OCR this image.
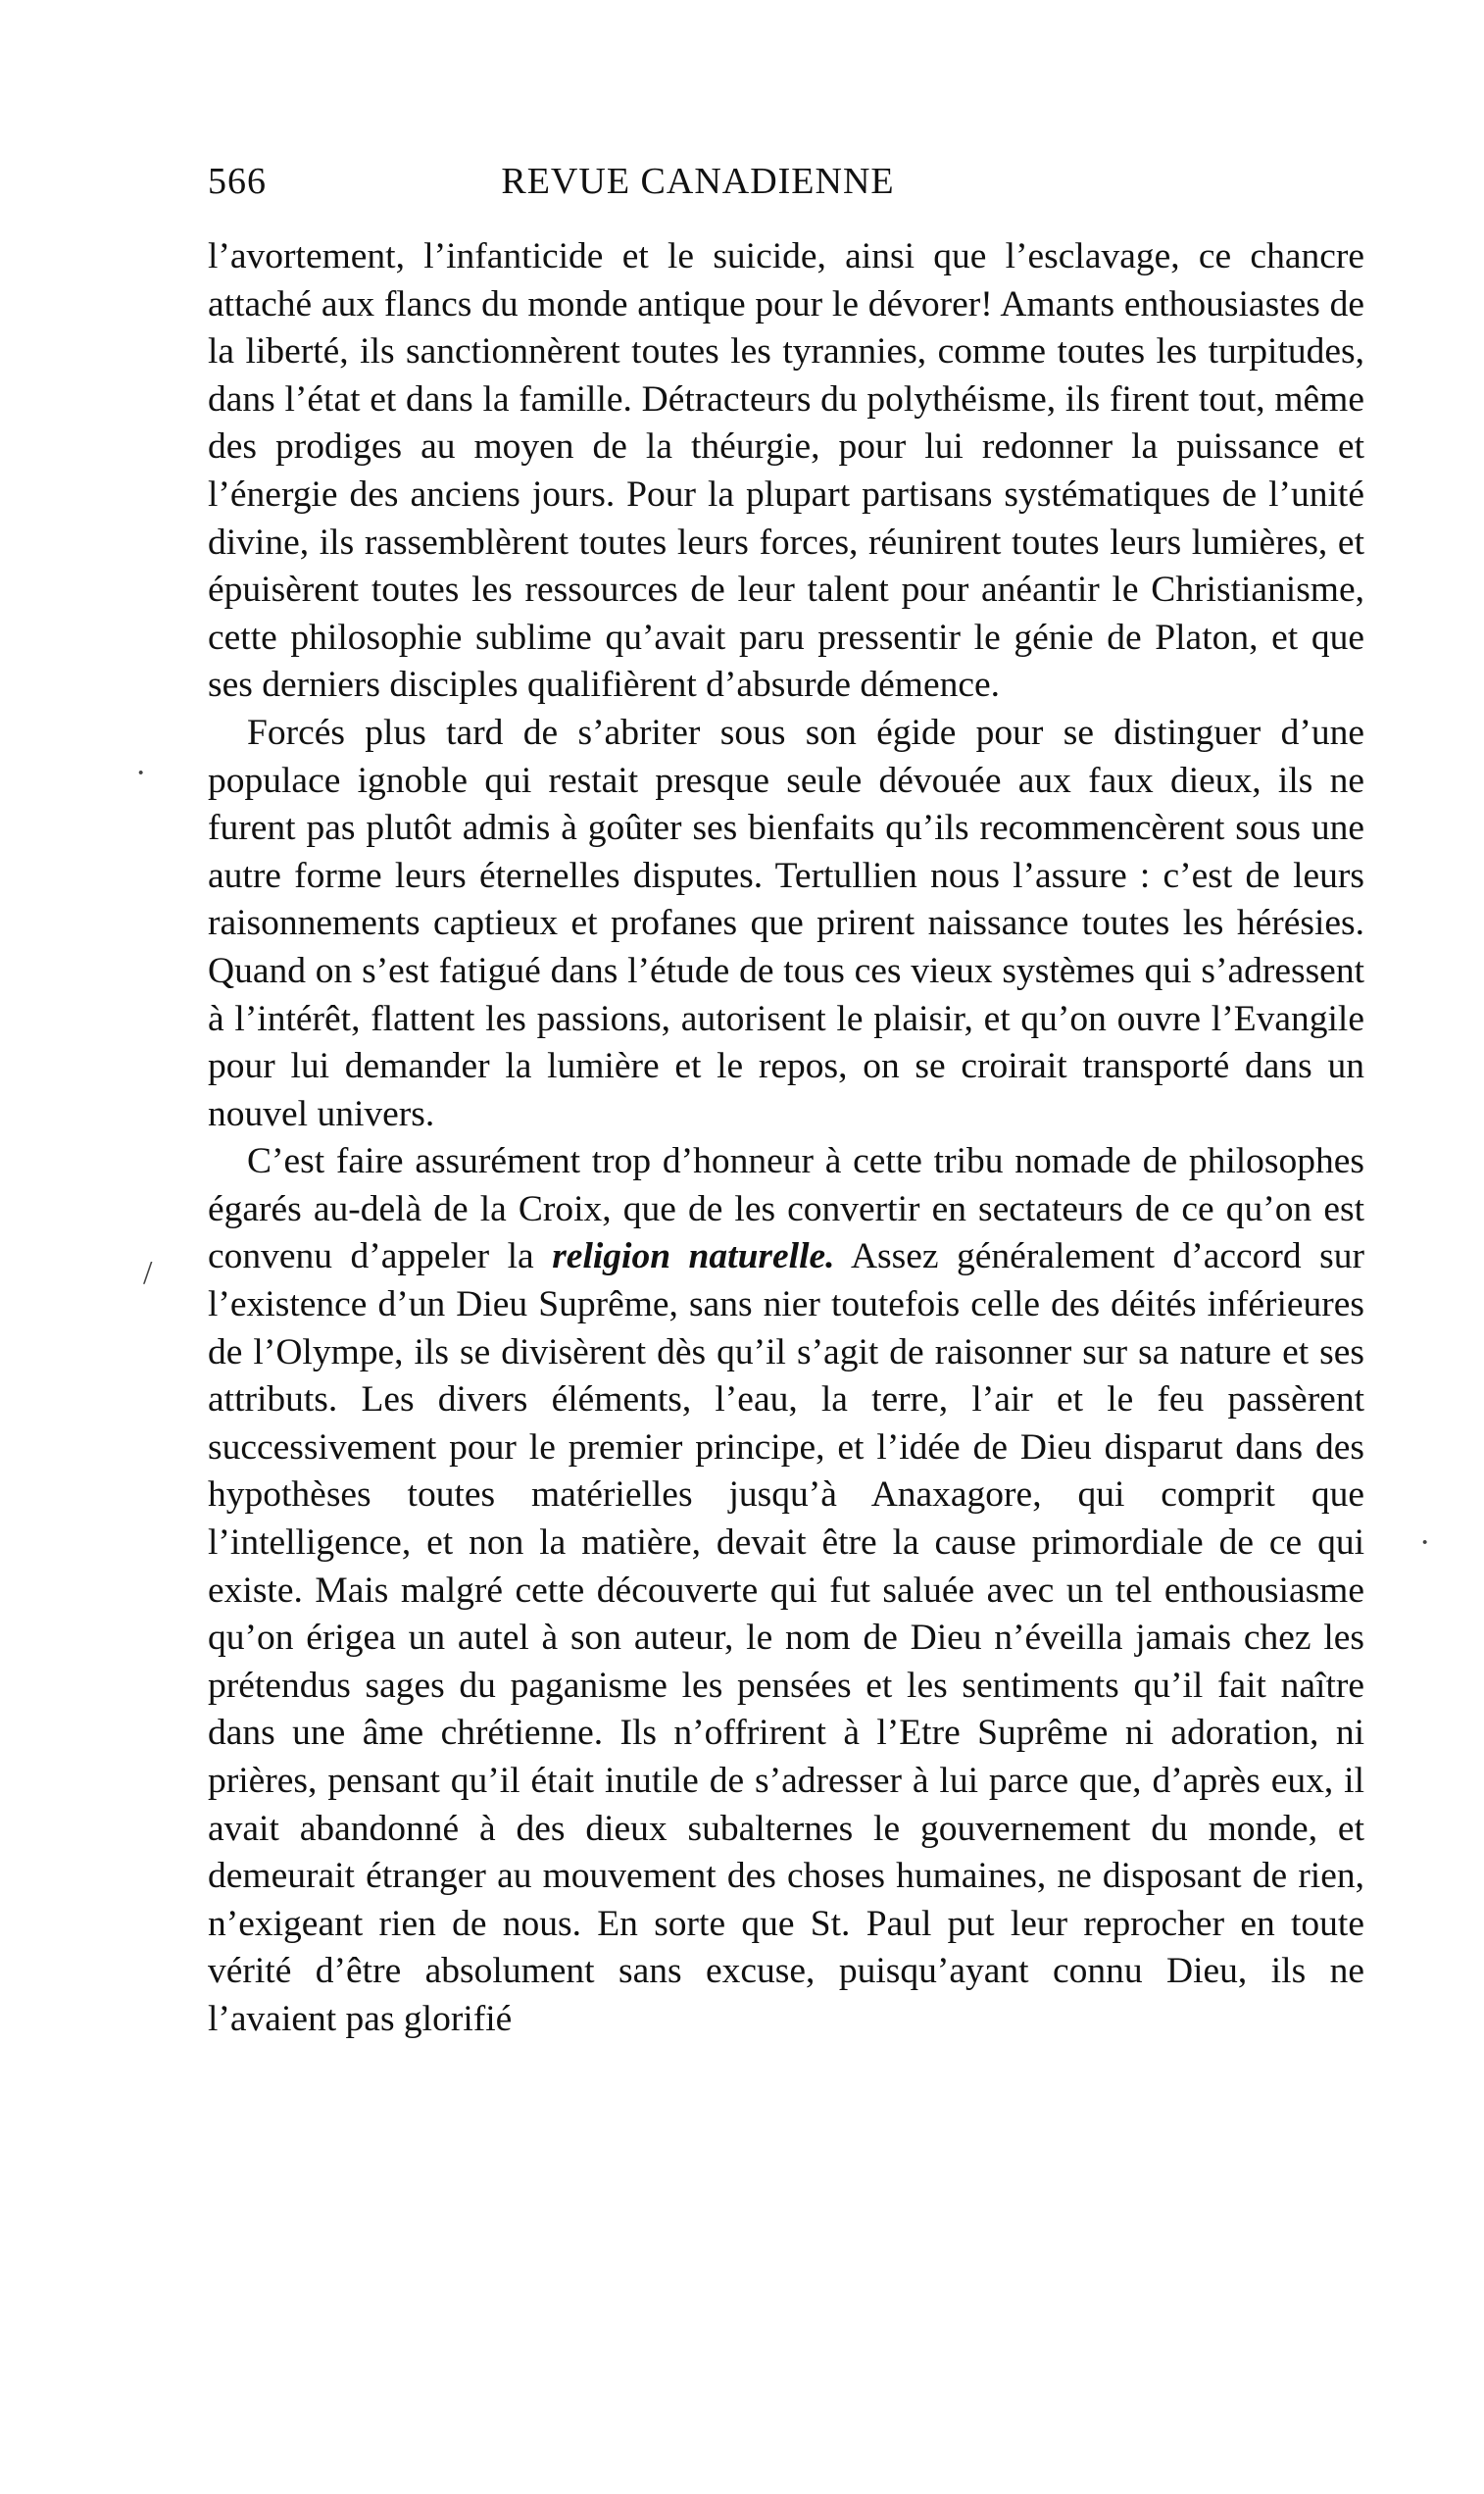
566	REVUE CANADIENNE

l’avortement, l’infanticide et le suicide, ainsi que l’esclavage, ce chancre attaché aux flancs du monde antique pour le dévorer! Amants enthousiastes de la liberté, ils sanctionnèrent toutes les tyrannies, comme toutes les turpitudes, dans l’état et dans la famille. Détracteurs du polythéisme, ils firent tout, même des prodiges au moyen de la théurgie, pour lui redonner la puissance et l’énergie des anciens jours. Pour la plupart partisans systématiques de l’unité divine, ils rassemblèrent toutes leurs forces, réunirent toutes leurs lumières, et épuisèrent toutes les ressources de leur talent pour anéantir le Christianisme, cette philosophie sublime qu’avait paru pressentir le génie de Platon, et que ses derniers disciples qualifièrent d’absurde démence.

Forcés plus tard de s’abriter sous son égide pour se distinguer d’une populace ignoble qui restait presque seule dévouée aux faux dieux, ils ne furent pas plutôt admis à goûter ses bienfaits qu’ils recommencèrent sous une autre forme leurs éternelles disputes. Tertullien nous l’assure : c’est de leurs raisonnements captieux et profanes que prirent naissance toutes les hérésies. Quand on s’est fatigué dans l’étude de tous ces vieux systèmes qui s’adressent à l’intérêt, flattent les passions, autorisent le plaisir, et qu’on ouvre l’Evangile pour lui demander la lumière et le repos, on se croirait transporté dans un nouvel univers.

C’est faire assurément trop d’honneur à cette tribu nomade de philosophes égarés au-delà de la Croix, que de les convertir en sectateurs de ce qu’on est convenu d’appeler la religion naturelle. Assez généralement d’accord sur l’existence d’un Dieu Suprême, sans nier toutefois celle des déités inférieures de l’Olympe, ils se divisèrent dès qu’il s’agit de raisonner sur sa nature et ses attributs. Les divers éléments, l’eau, la terre, l’air et le feu passèrent successivement pour le premier principe, et l’idée de Dieu disparut dans des hypothèses toutes matérielles jusqu’à Anaxagore, qui comprit que l’intelligence, et non la matière, devait être la cause primordiale de ce qui existe. Mais malgré cette découverte qui fut saluée avec un tel enthousiasme qu’on érigea un autel à son auteur, le nom de Dieu n’éveilla jamais chez les prétendus sages du paganisme les pensées et les sentiments qu’il fait naître dans une âme chrétienne. Ils n’offrirent à l’Etre Suprême ni adoration, ni prières, pensant qu’il était inutile de s’adresser à lui parce que, d’après eux, il avait abandonné à des dieux subalternes le gouvernement du monde, et demeurait étranger au mouvement des choses humaines, ne disposant de rien, n’exigeant rien de nous. En sorte que St. Paul put leur reprocher en toute vérité d’être absolument sans excuse, puisqu’ayant connu Dieu, ils ne l’avaient pas glorifié

·
/
·
